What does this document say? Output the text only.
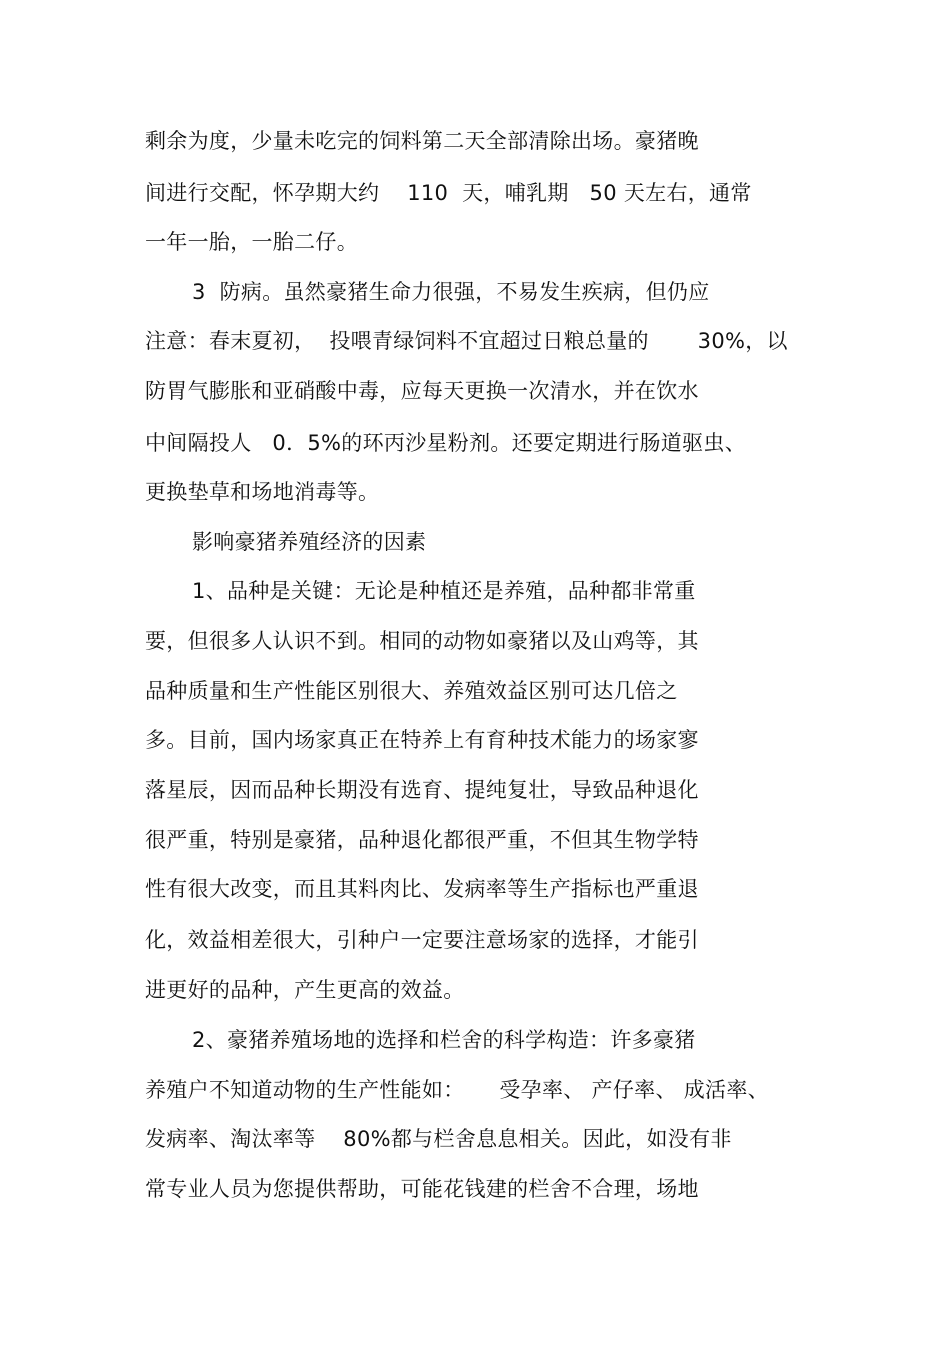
剩余为度，少量未吃完的饲料第二天全部清除出场。豪猪晚
间进行交配，怀孕期大约    110  天，哺乳期   50 天左右，通常
一年一胎，一胎二仔。
3  防病。虽然豪猪生命力很强，不易发生疾病，但仍应
注意：春末夏初，  投喂青绿饲料不宜超过日粮总量的       30%，以
防胃气膨胀和亚硝酸中毒，应每天更换一次清水，并在饮水
中间隔投人   0．5%的环丙沙星粉剂。还要定期进行肠道驱虫、
更换垫草和场地消毒等。
影响豪猪养殖经济的因素
1、品种是关键：无论是种植还是养殖，品种都非常重
要，但很多人认识不到。相同的动物如豪猪以及山鸡等，其
品种质量和生产性能区别很大、养殖效益区别可达几倍之
多。目前，国内场家真正在特养上有育种技术能力的场家寥
落星辰，因而品种长期没有选育、提纯复壮，导致品种退化
很严重，特别是豪猪，品种退化都很严重，不但其生物学特
性有很大改变，而且其料肉比、发病率等生产指标也严重退
化，效益相差很大，引种户一定要注意场家的选择，才能引
进更好的品种，产生更高的效益。
2、豪猪养殖场地的选择和栏舍的科学构造：许多豪猪
养殖户不知道动物的生产性能如：     受孕率、 产仔率、 成活率、
发病率、淘汰率等    80%都与栏舍息息相关。因此，如没有非
常专业人员为您提供帮助，可能花钱建的栏舍不合理，场地
